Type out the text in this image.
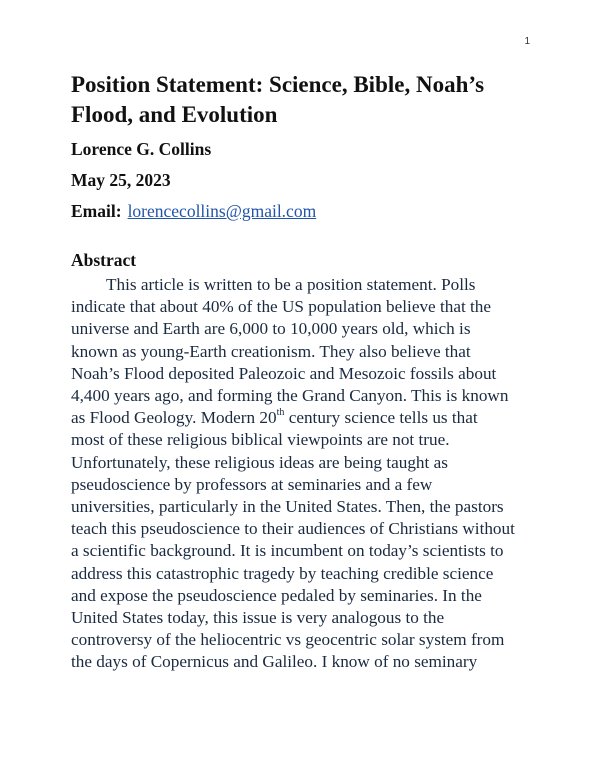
1
Position Statement: Science, Bible, Noah’s Flood, and Evolution
Lorence G. Collins
May 25, 2023
Email: lorencecollins@gmail.com
Abstract

This article is written to be a position statement. Polls
indicate that about 40% of the US population believe that the
universe and Earth are 6,000 to 10,000 years old, which is
known as young-Earth creationism. They also believe that
Noah’s Flood deposited Paleozoic and Mesozoic fossils about
4,400 years ago, and forming the Grand Canyon. This is known
as Flood Geology. Modern 20th century science tells us that
most of these religious biblical viewpoints are not true.
Unfortunately, these religious ideas are being taught as
pseudoscience by professors at seminaries and a few
universities, particularly in the United States. Then, the pastors
teach this pseudoscience to their audiences of Christians without
a scientific background. It is incumbent on today’s scientists to
address this catastrophic tragedy by teaching credible science
and expose the pseudoscience pedaled by seminaries. In the
United States today, this issue is very analogous to the
controversy of the heliocentric vs geocentric solar system from
the days of Copernicus and Galileo. I know of no seminary
